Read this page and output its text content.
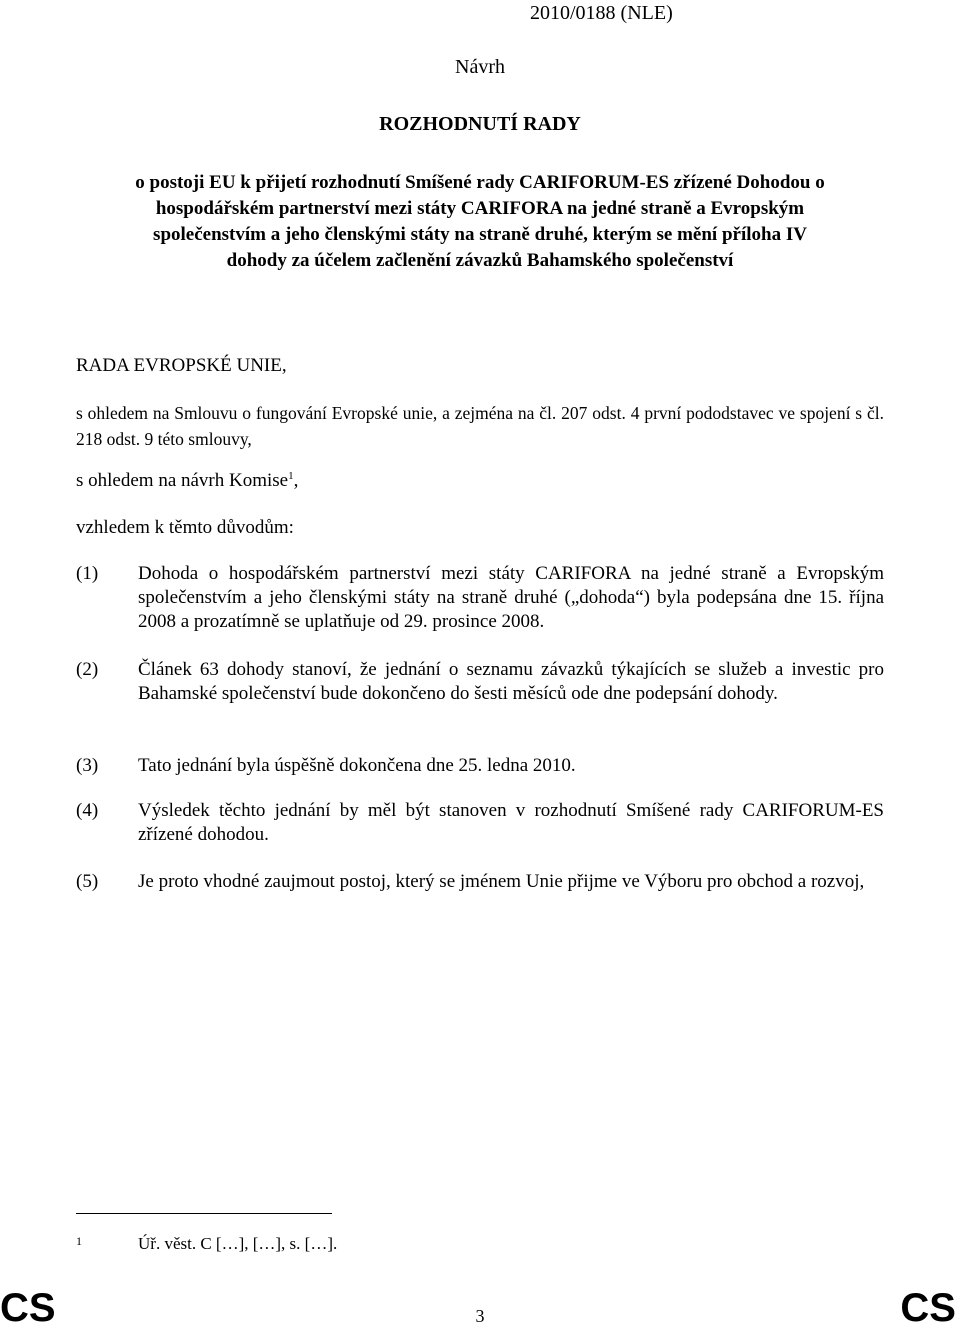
2010/0188 (NLE)
Návrh
ROZHODNUTÍ RADY
o postoji EU k přijetí rozhodnutí Smíšené rady CARIFORUM-ES zřízené Dohodou o
hospodářském partnerství mezi státy CARIFORA na jedné straně a Evropským
společenstvím a jeho členskými státy na straně druhé, kterým se mění příloha IV
dohody za účelem začlenění závazků Bahamského společenství
RADA EVROPSKÉ UNIE,
s ohledem na Smlouvu o fungování Evropské unie, a zejména na čl. 207 odst. 4 první pododstavec ve spojení s čl. 218 odst. 9 této smlouvy,
s ohledem na návrh Komise$^1$,
vzhledem k těmto důvodům:
(1)	Dohoda o hospodářském partnerství mezi státy CARIFORA na jedné straně a Evropským společenstvím a jeho členskými státy na straně druhé („dohoda“) byla podepsána dne 15. října 2008 a prozatímně se uplatňuje od 29. prosince 2008.
(2)	Článek 63 dohody stanoví, že jednání o seznamu závazků týkajících se služeb a investic pro Bahamské společenství bude dokončeno do šesti měsíců ode dne podepsání dohody.
(3)	Tato jednání byla úspěšně dokončena dne 25. ledna 2010.
(4)	Výsledek těchto jednání by měl být stanoven v rozhodnutí Smíšené rady CARIFORUM-ES zřízené dohodou.
(5)	Je proto vhodné zaujmout postoj, který se jménem Unie přijme ve Výboru pro obchod a rozvoj,
1	Úř. věst. C […], […], s. […].
CS	3	CS
